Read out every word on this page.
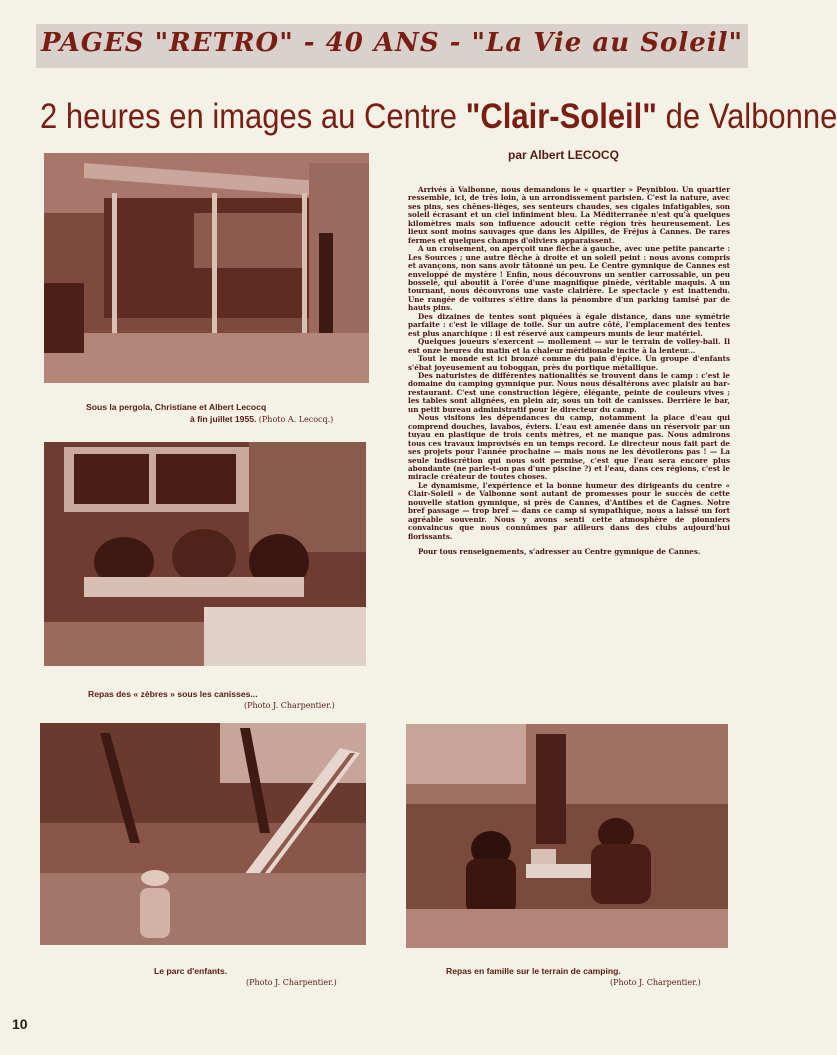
PAGES "RETRO" - 40 ANS - "La Vie au Soleil"
2 heures en images au Centre "Clair-Soleil" de Valbonne
par Albert LECOCQ
Sous la pergola, Christiane et Albert Lecocq
à fin juillet 1955. (Photo A. Lecocq.)
Repas des « zèbres » sous les canisses...
(Photo J. Charpentier.)
Le parc d'enfants.
(Photo J. Charpentier.)
Repas en famille sur le terrain de camping.
(Photo J. Charpentier.)

Arrivés à Valbonne, nous demandons le « quartier » Peyniblou. Un quartier ressemble, ici, de très loin, à un arrondissement parisien. C'est la nature, avec ses pins, ses chênes-lièges, ses senteurs chaudes, ses cigales infatigables, son soleil écrasant et un ciel infiniment bleu. La Méditerranée n'est qu'à quelques kilomètres mais son influence adoucit cette région très heureusement. Les lieux sont moins sauvages que dans les Alpilles, de Fréjus à Cannes. De rares fermes et quelques champs d'oliviers apparaissent.

A un croisement, on aperçoit une flèche à gauche, avec une petite pancarte : Les Sources ; une autre flèche à droite et un soleil peint : nous avons compris et avançons, non sans avoir tâtonné un peu. Le Centre gymnique de Cannes est enveloppé de mystère ! Enfin, nous découvrons un sentier carrossable, un peu bosselé, qui aboutit à l'orée d'une magnifique pinède, véritable maquis. A un tournant, nous découvrons une vaste clairière. Le spectacle y est inattendu. Une rangée de voitures s'étire dans la pénombre d'un parking tamisé par de hauts pins.

Des dizaines de tentes sont piquées à égale distance, dans une symétrie parfaite : c'est le village de toile. Sur un autre côté, l'emplacement des tentes est plus anarchique : il est réservé aux campeurs munis de leur matériel.

Quelques joueurs s'exercent — mollement — sur le terrain de volley-ball. Il est onze heures du matin et la chaleur méridionale incite à la lenteur...

Tout le monde est ici bronzé comme du pain d'épice. Un groupe d'enfants s'ébat joyeusement au toboggan, près du portique métallique.

Des naturistes de différentes nationalités se trouvent dans le camp : c'est le domaine du camping gymnique pur. Nous nous désaltérons avec plaisir au bar-restaurant. C'est une construction légère, élégante, peinte de couleurs vives ; les tables sont alignées, en plein air, sous un toit de canisses. Derrière le bar, un petit bureau administratif pour le directeur du camp.

Nous visitons les dépendances du camp, notamment la place d'eau qui comprend douches, lavabos, éviers. L'eau est amenée dans un réservoir par un tuyau en plastique de trois cents mètres, et ne manque pas. Nous admirons tous ces travaux improvisés en un temps record. Le directeur nous fait part de ses projets pour l'année prochaine — mais nous ne les dévoilerons pas ! — La seule indiscrétion qui nous soit permise, c'est que l'eau sera encore plus abondante (ne parle-t-on pas d'une piscine ?) et l'eau, dans ces régions, c'est le miracle créateur de toutes choses.

Le dynamisme, l'expérience et la bonne humeur des dirigeants du centre « Clair-Soleil » de Valbonne sont autant de promesses pour le succès de cette nouvelle station gymnique, si près de Cannes, d'Antibes et de Cagnes. Notre bref passage — trop bref — dans ce camp si sympathique, nous a laissé un fort agréable souvenir. Nous y avons senti cette atmosphère de pionniers convaincus que nous connûmes par ailleurs dans des clubs aujourd'hui florissants.

Pour tous renseignements, s'adresser au Centre gymnique de Cannes.

10
